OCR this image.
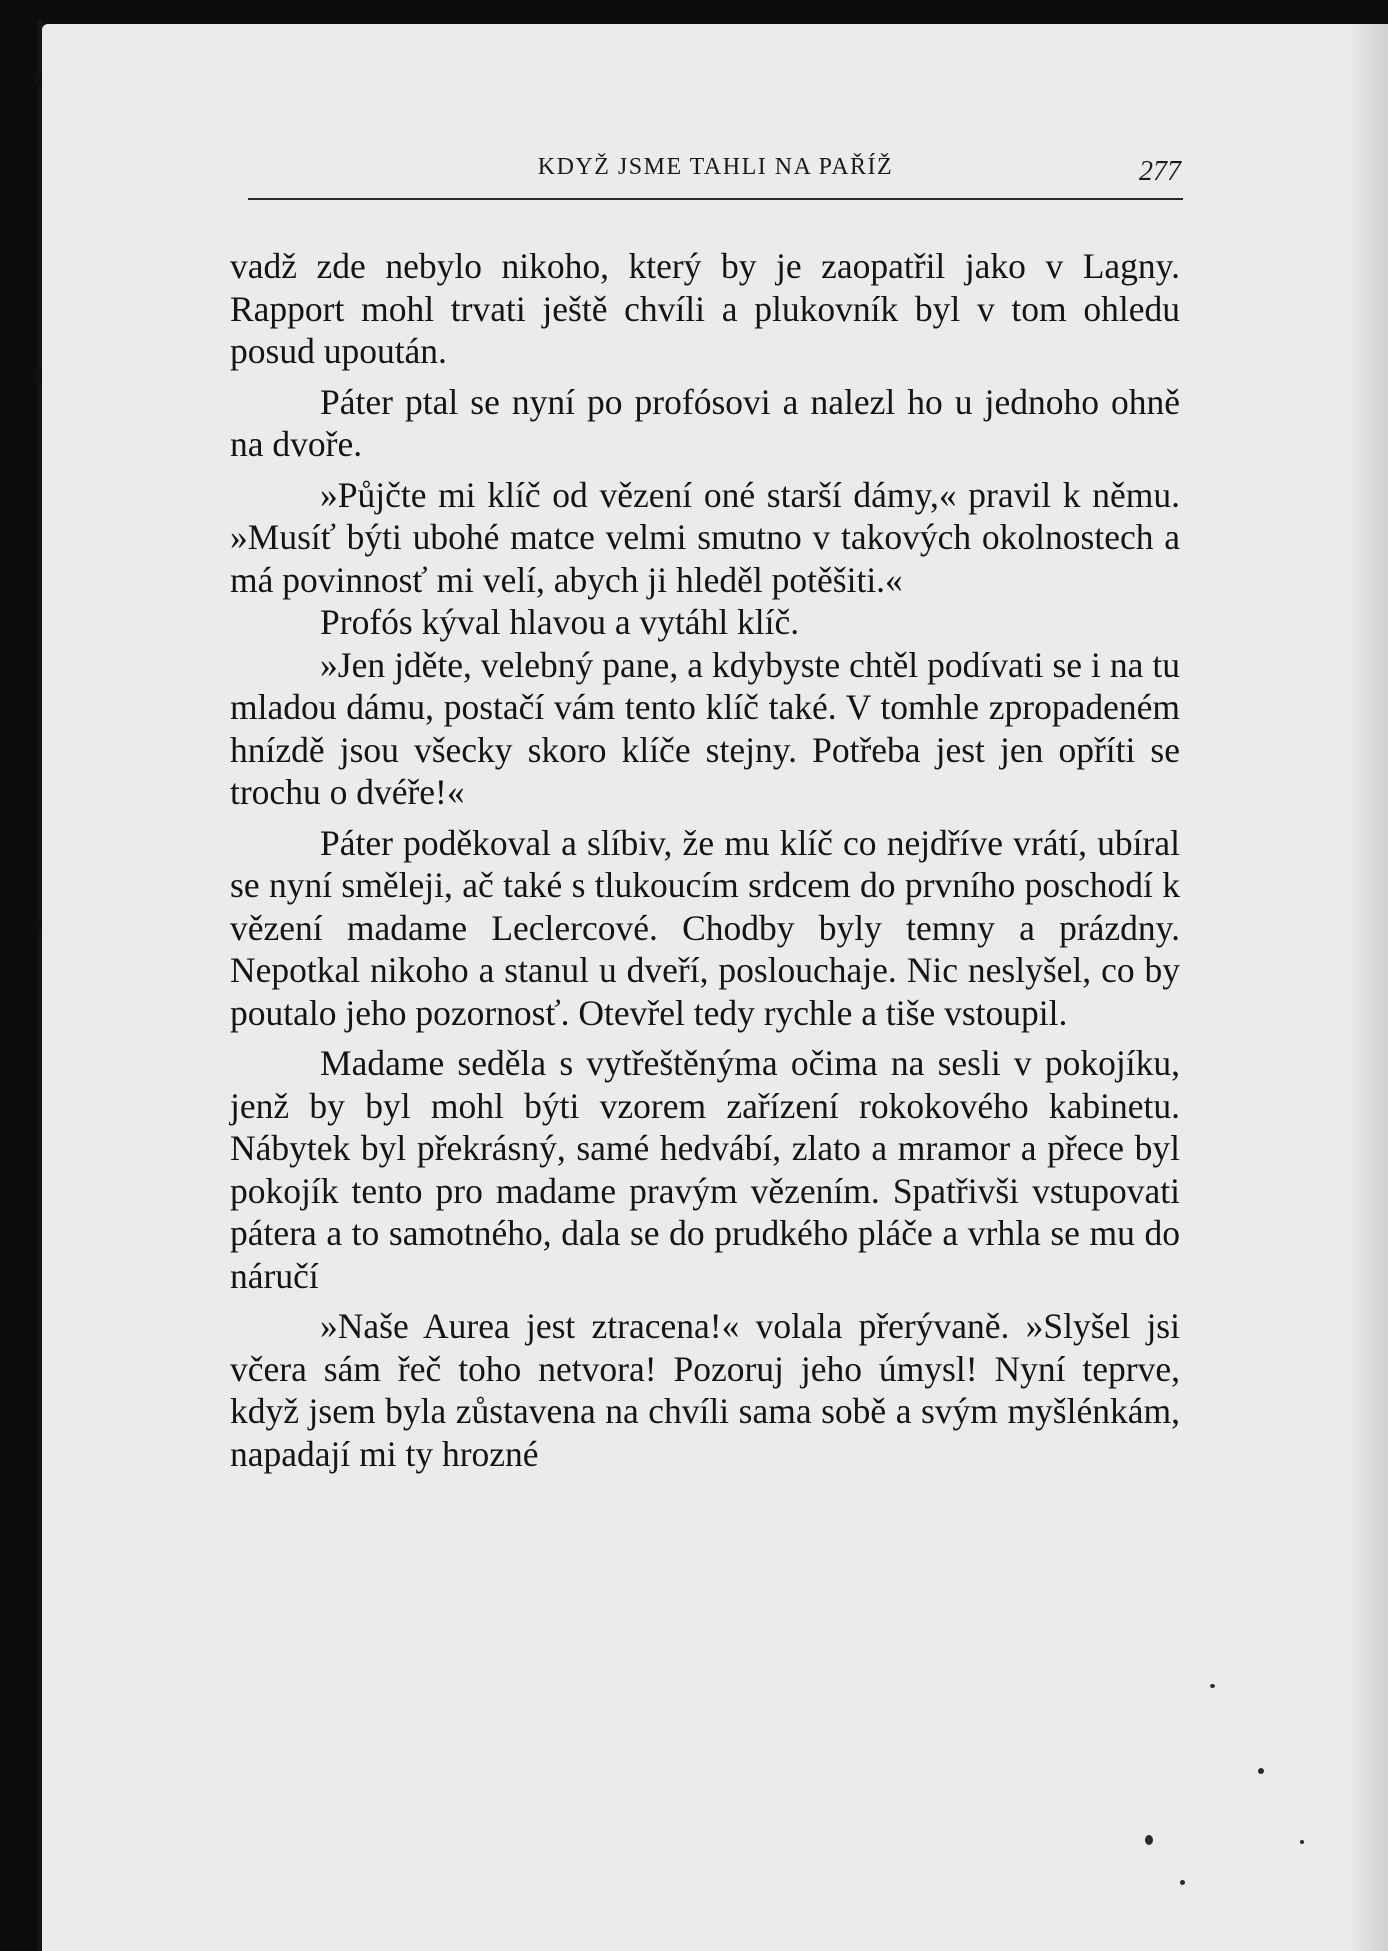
KDYŽ JSME TAHLI NA PAŘÍŽ	277

vadž zde nebylo nikoho, který by je zaopatřil jako v Lagny. Rapport mohl trvati ještě chvíli a plukovník byl v tom ohledu posud upoután.

Páter ptal se nyní po profósovi a nalezl ho u jednoho ohně na dvoře.

»Půjčte mi klíč od vězení oné starší dámy,« pravil k němu. »Musíť býti ubohé matce velmi smutno v takových okolnostech a má povinnosť mi velí, abych ji hleděl potěšiti.«

Profós kýval hlavou a vytáhl klíč.

»Jen jděte, velebný pane, a kdybyste chtěl podívati se i na tu mladou dámu, postačí vám tento klíč také. V tomhle zpropadeném hnízdě jsou všecky skoro klíče stejny. Potřeba jest jen opříti se trochu o dvéře!«

Páter poděkoval a slíbiv, že mu klíč co nejdříve vrátí, ubíral se nyní směleji, ač také s tlukoucím srdcem do prvního poschodí k vězení madame Leclercové. Chodby byly temny a prázdny. Nepotkal nikoho a stanul u dveří, poslouchaje. Nic neslyšel, co by poutalo jeho pozornosť. Otevřel tedy rychle a tiše vstoupil.

Madame seděla s vytřeštěnýma očima na sesli v pokojíku, jenž by byl mohl býti vzorem zařízení rokokového kabinetu. Nábytek byl překrásný, samé hedvábí, zlato a mramor a přece byl pokojík tento pro madame pravým vězením. Spatřivši vstupovati pátera a to samotného, dala se do prudkého pláče a vrhla se mu do náručí

»Naše Aurea jest ztracena!« volala přerývaně. »Slyšel jsi včera sám řeč toho netvora! Pozoruj jeho úmysl! Nyní teprve, když jsem byla zůstavena na chvíli sama sobě a svým myšlénkám, napadají mi ty hrozné
